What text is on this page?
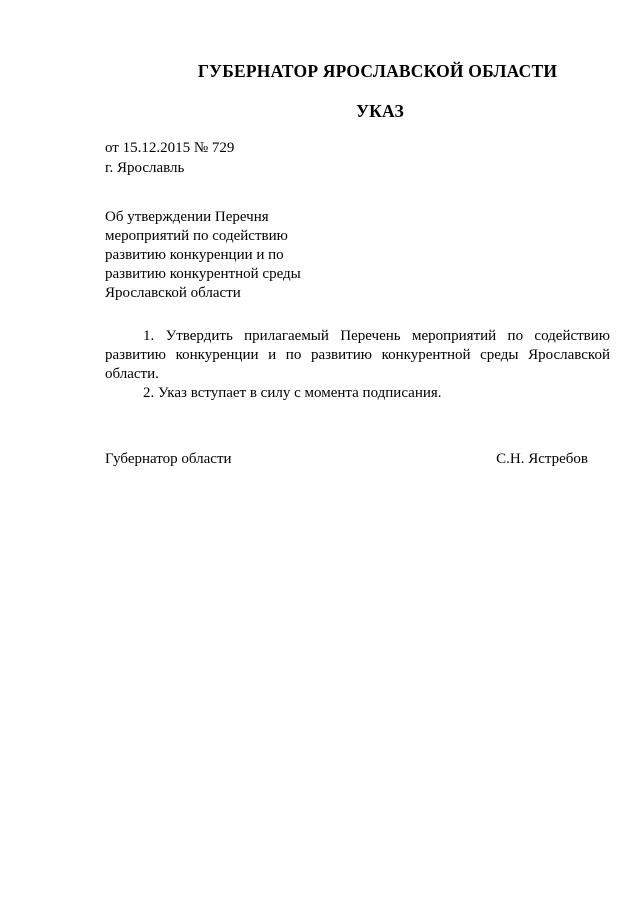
ГУБЕРНАТОР ЯРОСЛАВСКОЙ ОБЛАСТИ
УКАЗ
от 15.12.2015 № 729
г. Ярославль
Об утверждении Перечня
мероприятий по содействию
развитию конкуренции и по
развитию конкурентной среды
Ярославской области

1. Утвердить прилагаемый Перечень мероприятий по содействию развитию конкуренции и по развитию конкурентной среды Ярославской области.

2. Указ вступает в силу с момента подписания.

Губернатор области	С.Н. Ястребов
